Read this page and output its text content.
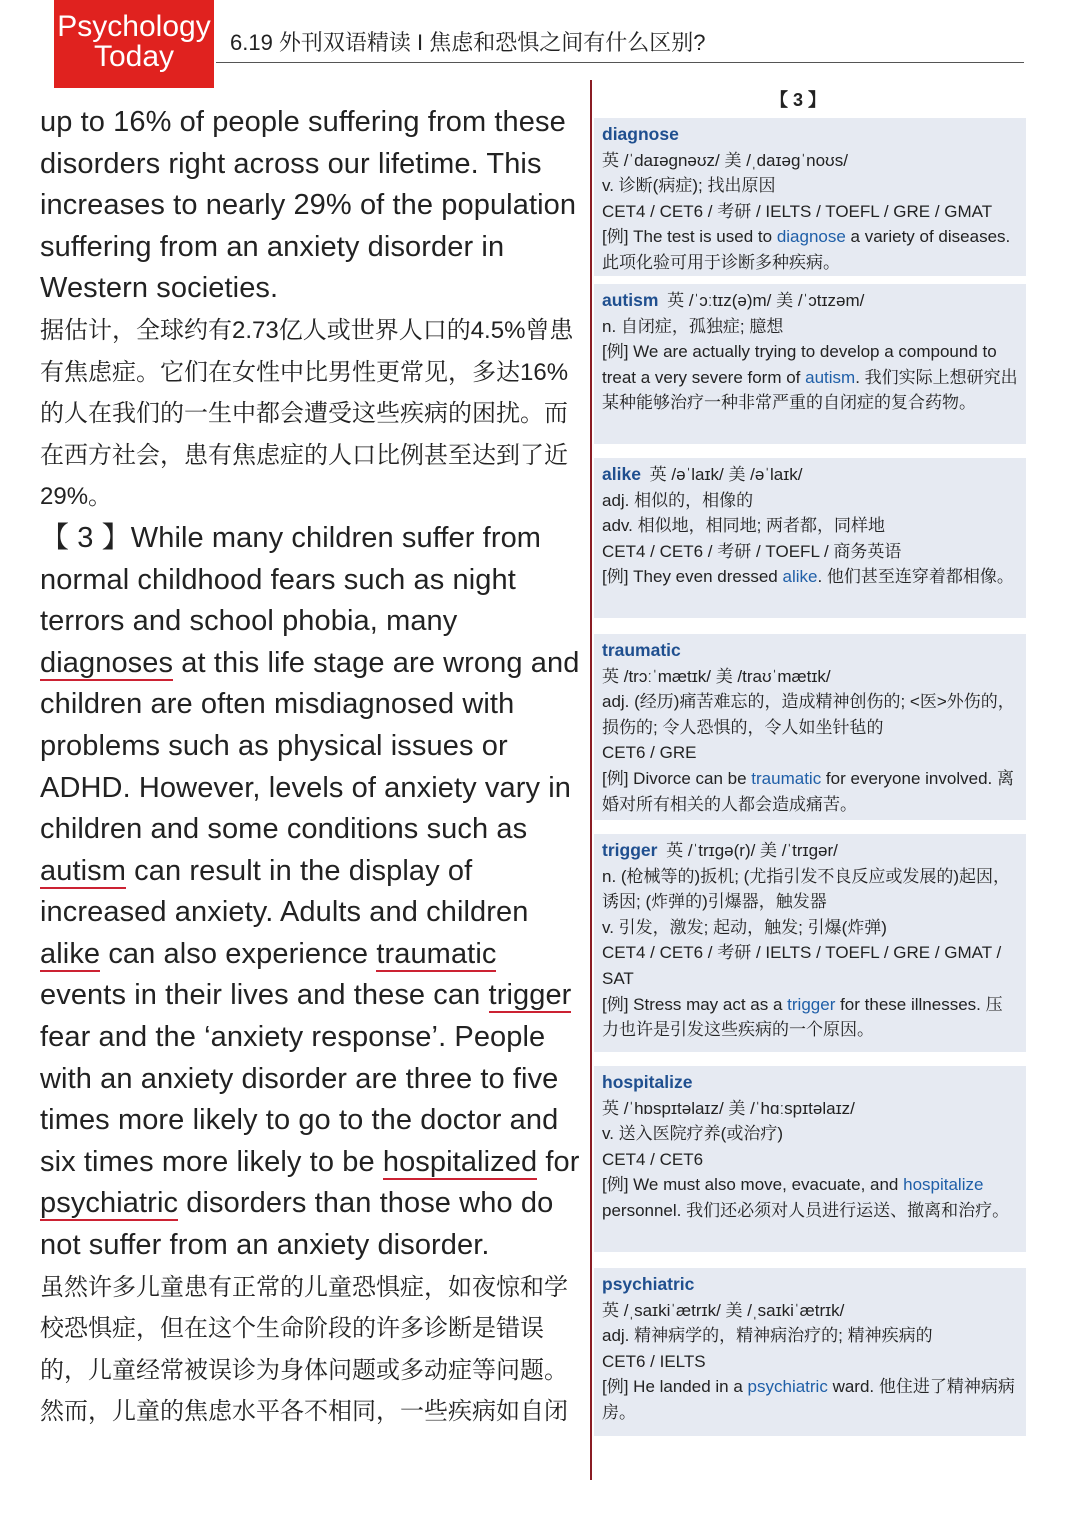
Psychology
Today	6.19 外刊双语精读 I 焦虑和恐惧之间有什么区别?

up to 16% of people suffering from these disorders right across our lifetime. This increases to nearly 29% of the population suffering from an anxiety disorder in Western societies.

据估计，全球约有2.73亿人或世界人口的4.5%曾患有焦虑症。它们在女性中比男性更常见，多达16%的人在我们的一生中都会遭受这些疾病的困扰。而在西方社会，患有焦虑症的人口比例甚至达到了近29%。

【 3 】While many children suffer from normal childhood fears such as night terrors and school phobia, many diagnoses at this life stage are wrong and children are often misdiagnosed with problems such as physical issues or ADHD. However, levels of anxiety vary in children and some conditions such as autism can result in the display of increased anxiety. Adults and children alike can also experience traumatic events in their lives and these can trigger fear and the ‘anxiety response’. People with an anxiety disorder are three to five times more likely to go to the doctor and six times more likely to be hospitalized for psychiatric disorders than those who do not suffer from an anxiety disorder.

虽然许多儿童患有正常的儿童恐惧症，如夜惊和学校恐惧症，但在这个生命阶段的许多诊断是错误的，儿童经常被误诊为身体问题或多动症等问题。然而，儿童的焦虑水平各不相同，一些疾病如自闭

【 3 】
diagnose
英 /ˈdaɪəgnəʊz/ 美 /ˌdaɪəgˈnoʊs/
v. 诊断(病症); 找出原因
CET4 / CET6 / 考研 / IELTS / TOEFL / GRE / GMAT
[例] The test is used to diagnose a variety of diseases. 此项化验可用于诊断多种疾病。
autism 英 /ˈɔːtɪz(ə)m/ 美 /ˈɔtɪzəm/
n. 自闭症，孤独症; 臆想
[例] We are actually trying to develop a compound to treat a very severe form of autism. 我们实际上想研究出某种能够治疗一种非常严重的自闭症的复合药物。
alike 英 /əˈlaɪk/ 美 /əˈlaɪk/
adj. 相似的，相像的
adv. 相似地，相同地; 两者都，同样地
CET4 / CET6 / 考研 / TOEFL / 商务英语
[例] They even dressed alike. 他们甚至连穿着都相像。
traumatic
英 /trɔːˈmætɪk/ 美 /traʊˈmætɪk/
adj. (经历)痛苦难忘的，造成精神创伤的; <医>外伤的，损伤的; 令人恐惧的，令人如坐针毡的
CET6 / GRE
[例] Divorce can be traumatic for everyone involved. 离婚对所有相关的人都会造成痛苦。
trigger 英 /ˈtrɪgə(r)/ 美 /ˈtrɪgər/
n. (枪械等的)扳机; (尤指引发不良反应或发展的)起因，诱因; (炸弹的)引爆器，触发器
v. 引发，激发; 起动，触发; 引爆(炸弹)
CET4 / CET6 / 考研 / IELTS / TOEFL / GRE / GMAT / SAT
[例] Stress may act as a trigger for these illnesses. 压力也许是引发这些疾病的一个原因。
hospitalize
英 /ˈhɒspɪtəlaɪz/ 美 /ˈhɑːspɪtəlaɪz/
v. 送入医院疗养(或治疗)
CET4 / CET6
[例] We must also move, evacuate, and hospitalize personnel. 我们还必须对人员进行运送、撤离和治疗。
psychiatric
英 /ˌsaɪkiˈætrɪk/ 美 /ˌsaɪkiˈætrɪk/
adj. 精神病学的，精神病治疗的; 精神疾病的
CET6 / IELTS
[例] He landed in a psychiatric ward. 他住进了精神病病房。
